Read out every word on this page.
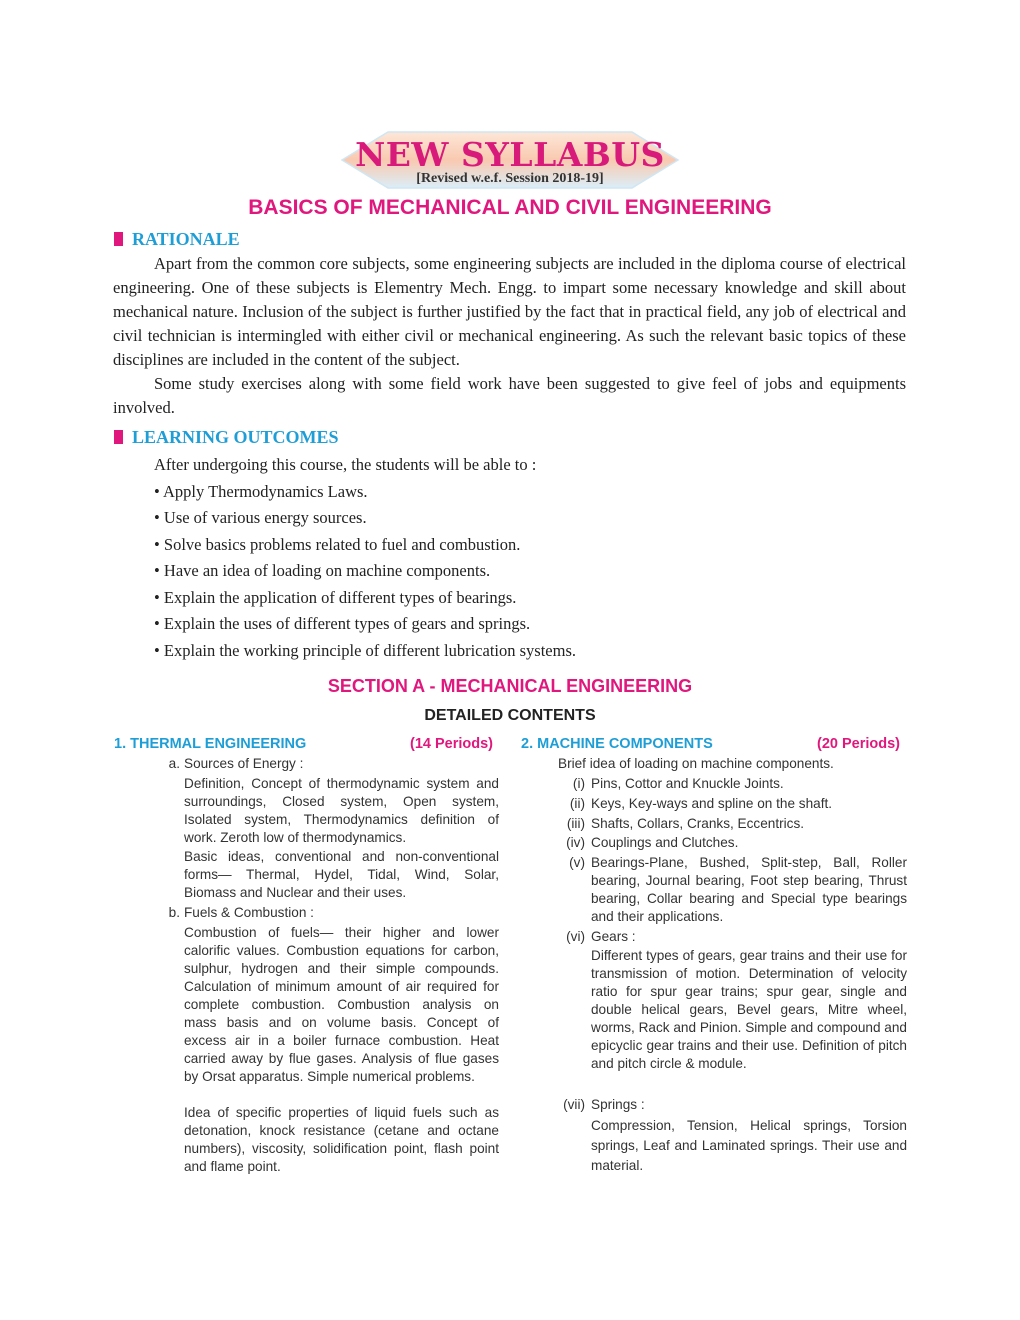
NEW SYLLABUS
[Revised w.e.f. Session 2018-19]
BASICS OF MECHANICAL AND CIVIL ENGINEERING
RATIONALE
Apart from the common core subjects, some engineering subjects are included in the diploma course of electrical engineering. One of these subjects is Elementry Mech. Engg. to impart some necessary knowledge and skill about mechanical nature. Inclusion of the subject is further justified by the fact that in practical field, any job of electrical and civil technician is intermingled with either civil or mechanical engineering. As such the relevant basic topics of these disciplines are included in the content of the subject.
Some study exercises along with some field work have been suggested to give feel of jobs and equipments involved.
LEARNING OUTCOMES
After undergoing this course, the students will be able to :
• Apply Thermodynamics Laws.
• Use of various energy sources.
• Solve basics problems related to fuel and combustion.
• Have an idea of loading on machine components.
• Explain the application of different types of bearings.
• Explain the uses of different types of gears and springs.
• Explain the working principle of different lubrication systems.
SECTION A - MECHANICAL ENGINEERING
DETAILED CONTENTS
1. THERMAL ENGINEERING	(14 Periods)
a. Sources of Energy :
Definition, Concept of thermodynamic system and surroundings, Closed system, Open system, Isolated system, Thermodynamics definition of work. Zeroth low of thermodynamics.
Basic ideas, conventional and non-conventional forms— Thermal, Hydel, Tidal, Wind, Solar, Biomass and Nuclear and their uses.
b. Fuels & Combustion :
Combustion of fuels— their higher and lower calorific values. Combustion equations for carbon, sulphur, hydrogen and their simple compounds. Calculation of minimum amount of air required for complete combustion. Combustion analysis on mass basis and on volume basis. Concept of excess air in a boiler furnace combustion. Heat carried away by flue gases. Analysis of flue gases by Orsat apparatus. Simple numerical problems.
Idea of specific properties of liquid fuels such as detonation, knock resistance (cetane and octane numbers), viscosity, solidification point, flash point and flame point.
2. MACHINE COMPONENTS	(20 Periods)
Brief idea of loading on machine components.
(i) Pins, Cottor and Knuckle Joints.
(ii) Keys, Key-ways and spline on the shaft.
(iii) Shafts, Collars, Cranks, Eccentrics.
(iv) Couplings and Clutches.
(v) Bearings-Plane, Bushed, Split-step, Ball, Roller bearing, Journal bearing, Foot step bearing, Thrust bearing, Collar bearing and Special type bearings and their applications.
(vi) Gears :
Different types of gears, gear trains and their use for transmission of motion. Determination of velocity ratio for spur gear trains; spur gear, single and double helical gears, Bevel gears, Mitre wheel, worms, Rack and Pinion. Simple and compound and epicyclic gear trains and their use. Definition of pitch and pitch circle & module.
(vii) Springs :
Compression, Tension, Helical springs, Torsion springs, Leaf and Laminated springs. Their use and material.
